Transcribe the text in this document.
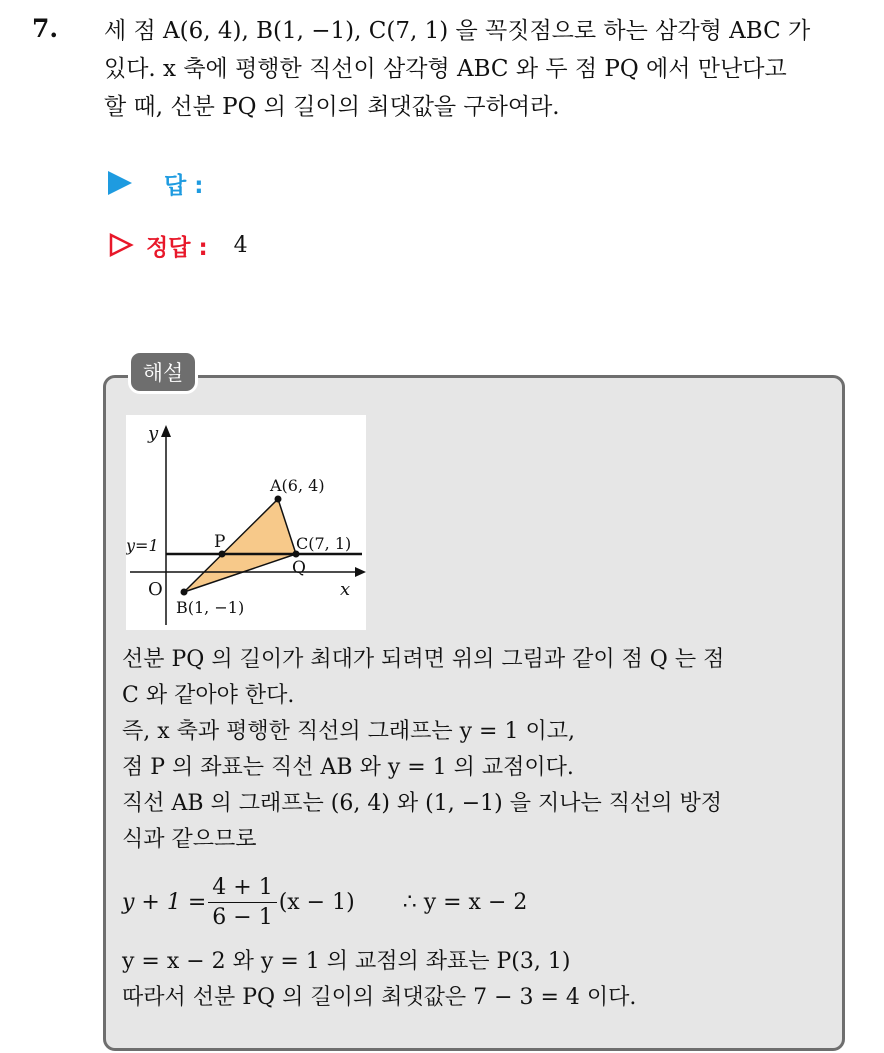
7. 세 점 A(6, 4), B(1, −1), C(7, 1) 을 꼭짓점으로 하는 삼각형 ABC 가
있다. x 축에 평행한 직선이 삼각형 ABC 와 두 점 PQ 에서 만난다고
할 때, 선분 PQ 의 길이의 최댓값을 구하여라.
답 :
정답 : 4
해설
y
x
O
y=1
A(6, 4)
B(1, −1)
C(7, 1)
P
Q
선분 PQ 의 길이가 최대가 되려면 위의 그림과 같이 점 Q 는 점
C 와 같아야 한다.
즉, x 축과 평행한 직선의 그래프는 y = 1 이고,
점 P 의 좌표는 직선 AB 와 y = 1 의 교점이다.
직선 AB 의 그래프는 (6, 4) 와 (1, −1) 을 지나는 직선의 방정
식과 같으므로
$y + 1 = \frac{4 + 1}{6 - 1} (x - 1)$ ∴ y = x − 2
y = x − 2 와 y = 1 의 교점의 좌표는 P(3, 1)
따라서 선분 PQ 의 길이의 최댓값은 7 − 3 = 4 이다.
